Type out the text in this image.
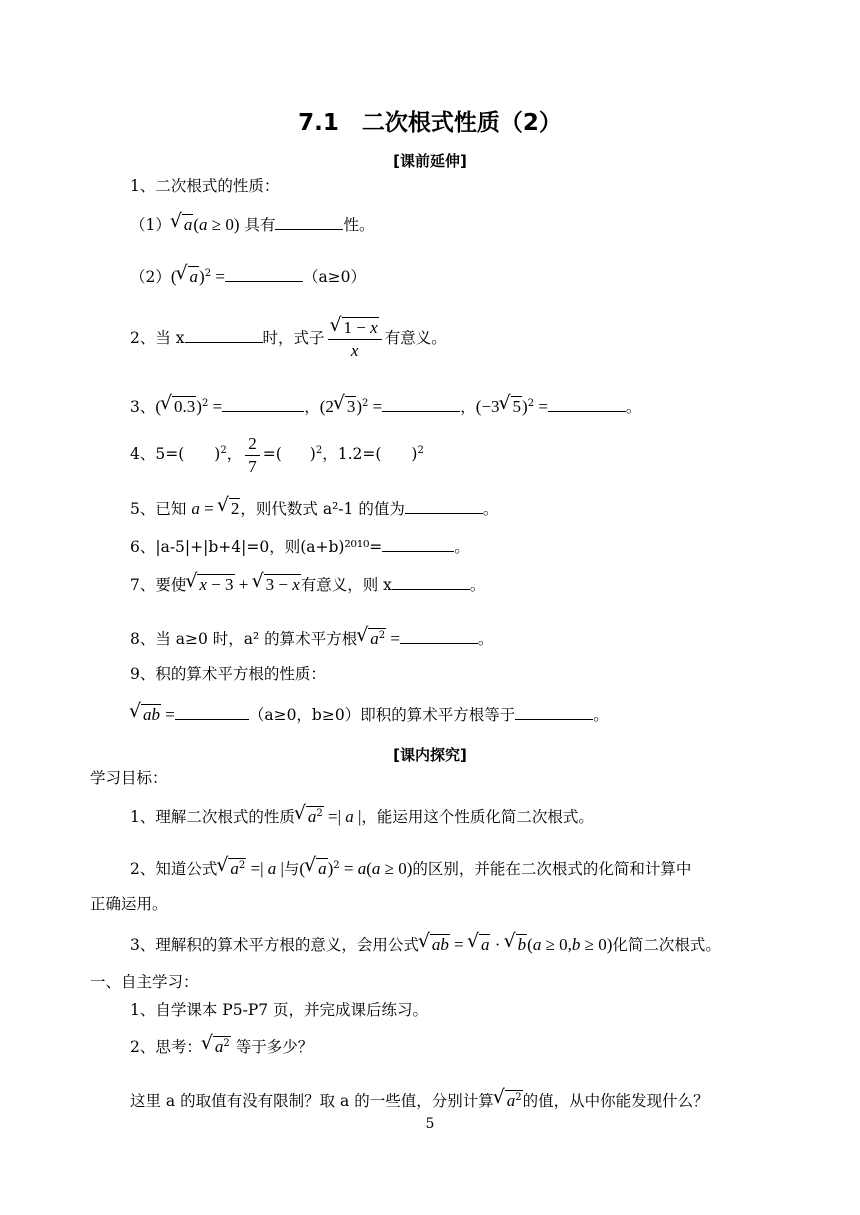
7.1　二次根式性质（2）
[课前延伸]
1、二次根式的性质：
（1） √ a(a ≥ 0) 具有	性。
（2）( √ a)$^2$ =	（a≥0）
2、当 x	时，式子 √ $\frac{1 - x}{x}$ 有意义。
3、( √ 0.3)$^2$ =	，(2 √ 3)$^2$ =	，(−3 √ 5)$^2$ =	。
4、5=( )$^2$， $\frac{2}{7}$ =( )$^2$，1.2=( )$^2$
5、已知 a = √ 2，则代数式 a²-1 的值为	。
6、|a-5|+|b+4|=0，则(a+b)²⁰¹⁰=	。
7、要使 √ x − 3 + √ 3 − x有意义，则 x	。
8、当 a≥0 时，a² 的算术平方根 √ $a^2$ =	。
9、积的算术平方根的性质：
√ ab =	（a≥0，b≥0）即积的算术平方根等于	。
[课内探究]
学习目标：
1、理解二次根式的性质 √ $a^2$ =| a |，能运用这个性质化简二次根式。
2、知道公式 √ $a^2$ =| a |与( √ a)$^2$ = a(a ≥ 0)的区别，并能在二次根式的化简和计算中
正确运用。
3、理解积的算术平方根的意义，会用公式 √ ab = √ a · √ b(a ≥ 0,b ≥ 0)化简二次根式。
一、自主学习：
1、自学课本 P5-P7 页，并完成课后练习。
2、思考： √ $a^2$ 等于多少？
这里 a 的取值有没有限制？取 a 的一些值，分别计算 √ $a^2$的值，从中你能发现什么？
5
